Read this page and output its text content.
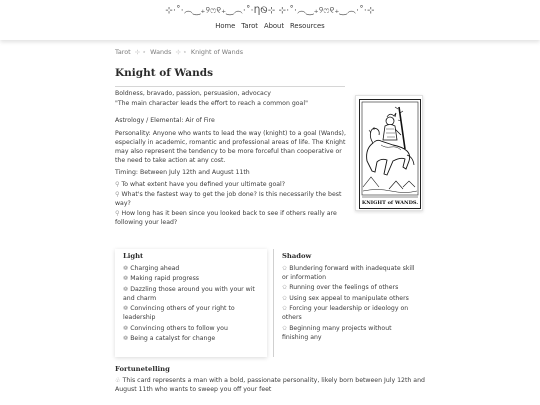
⊹·˚‧︵‿₊୨ෆ୧₊‿︵‧˚·ȠᏫ⊹ ⊹·˚‧︵‿₊୨ෆ୧₊‿︵‧˚·⊹
Home Tarot About Resources
Tarot ⊹ ⋆ Wands ⊹ ⋆ Knight of Wands
Knight of Wands

Boldness, bravado, passion, persuasion, advocacy

"The main character leads the effort to reach a common goal"

Astrology / Elemental: Air of Fire

Personality: Anyone who wants to lead the way (knight) to a goal (Wands), especially in academic, romantic and professional areas of life. The Knight may also represent the tendency to be more forceful than cooperative or the need to take action at any cost.

Timing: Between July 12th and August 11th

⚲ To what extent have you defined your ultimate goal?
⚲ What's the fastest way to get the job done? Is this necessarily the best way?
⚲ How long has it been since you looked back to see if others really are following your lead?
KNIGHT of WANDS.
Light
❁ Charging ahead
❁ Making rapid progress
❁ Dazzling those around you with your wit and charm
❁ Convincing others of your right to leadership
❁ Convincing others to follow you
❁ Being a catalyst for change
Shadow
✩ Blundering forward with inadequate skill or information
✩ Running over the feelings of others
✩ Using sex appeal to manipulate others
✩ Forcing your leadership or ideology on others
✩ Beginning many projects without finishing any
Fortunetelling

♧ This card represents a man with a bold, passionate personality, likely born between July 12th and August 11th who wants to sweep you off your feet
